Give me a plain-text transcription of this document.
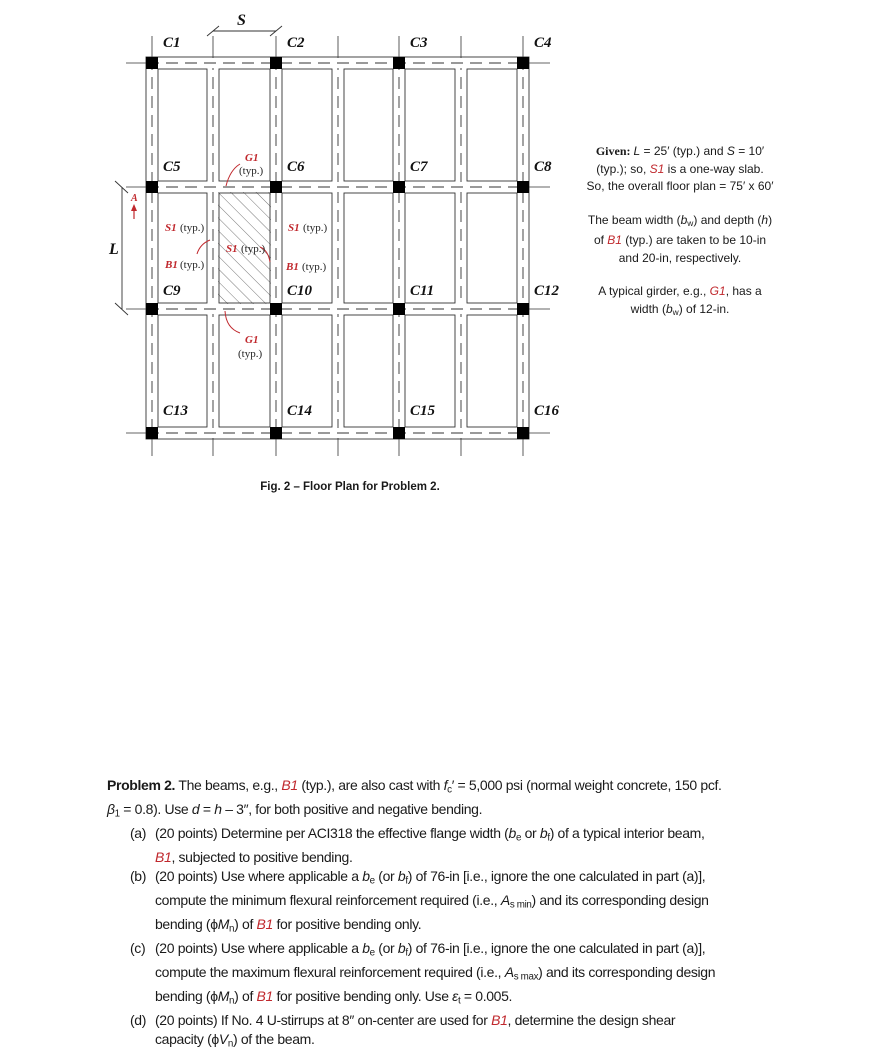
C1	C2	C3	C4
C5	C6	C7	C8
C9	C10	C11	C12
C13	C14	C15	C16
S
L
A
G1
(typ.)
S1 (typ.)	S1 (typ.)
S1 (typ.)
B1 (typ.)	B1 (typ.)
G1
(typ.)
Fig. 2 – Floor Plan for Problem 2.
Given: L = 25′ (typ.) and S = 10′
(typ.); so, S1 is a one-way slab.
So, the overall floor plan = 75′ x 60′
The beam width $(b_w)$ and depth (h)
of B1 (typ.) are taken to be 10-in
and 20-in, respectively.
A typical girder, e.g., G1, has a
width $(b_w)$ of 12-in.
Problem 2. The beams, e.g., B1 (typ.), are also cast with $f_c' = 5,000$ psi (normal weight concrete, 150 pcf.
$\beta_1 = 0.8$). Use d = h – 3″, for both positive and negative bending.
(a) (20 points) Determine per ACI318 the effective flange width ($b_e$ or $b_f$) of a typical interior beam,
B1, subjected to positive bending.
(b) (20 points) Use where applicable a $b_e$ (or $b_f$) of 76-in [i.e., ignore the one calculated in part (a)],
compute the minimum flexural reinforcement required (i.e., $A_{s min}$) and its corresponding design
bending $(\phi M_n)$ of B1 for positive bending only.
(c) (20 points) Use where applicable a $b_e$ (or $b_f$) of 76-in [i.e., ignore the one calculated in part (a)],
compute the maximum flexural reinforcement required (i.e., $A_{s max}$) and its corresponding design
bending $(\phi M_n)$ of B1 for positive bending only. Use $\varepsilon_t = 0.005$.
(d) (20 points) If No. 4 U-stirrups at 8″ on-center are used for B1, determine the design shear
capacity $(\phi V_n)$ of the beam.
